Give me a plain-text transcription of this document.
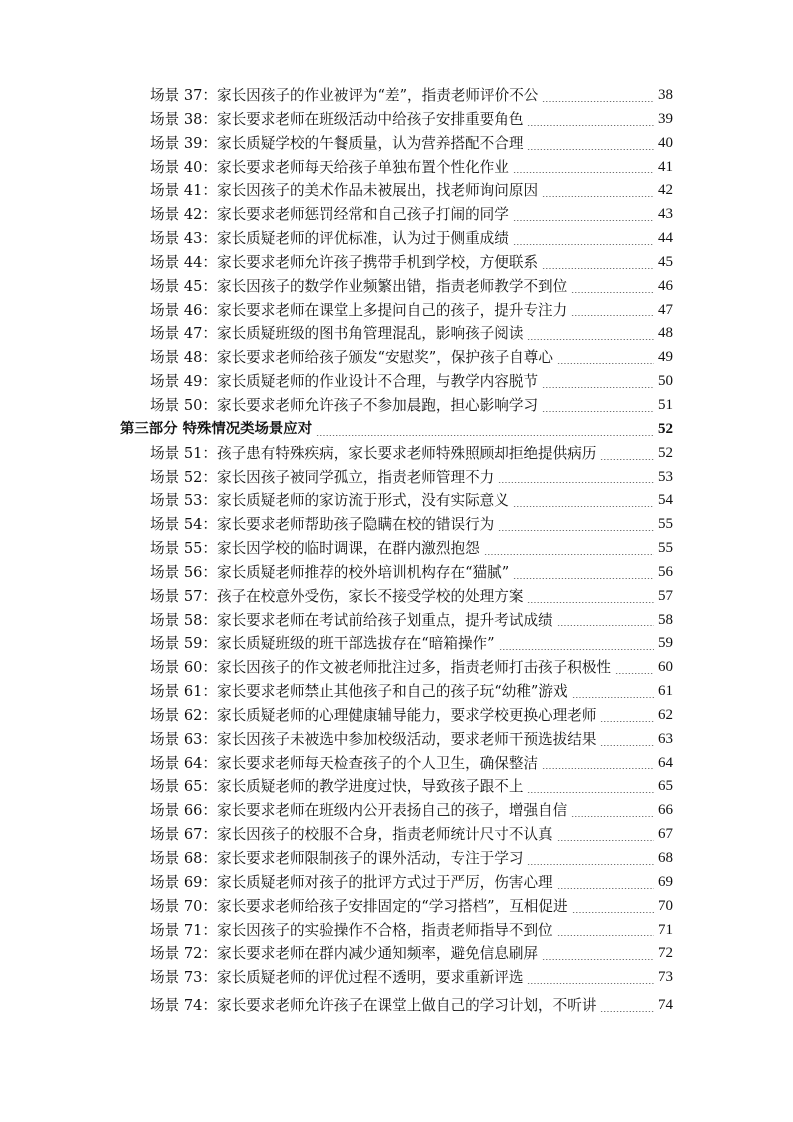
场景 37：家长因孩子的作业被评为“差”，指责老师评价不公	38
场景 38：家长要求老师在班级活动中给孩子安排重要角色	39
场景 39：家长质疑学校的午餐质量，认为营养搭配不合理	40
场景 40：家长要求老师每天给孩子单独布置个性化作业	41
场景 41：家长因孩子的美术作品未被展出，找老师询问原因	42
场景 42：家长要求老师惩罚经常和自己孩子打闹的同学	43
场景 43：家长质疑老师的评优标准，认为过于侧重成绩	44
场景 44：家长要求老师允许孩子携带手机到学校，方便联系	45
场景 45：家长因孩子的数学作业频繁出错，指责老师教学不到位	46
场景 46：家长要求老师在课堂上多提问自己的孩子，提升专注力	47
场景 47：家长质疑班级的图书角管理混乱，影响孩子阅读	48
场景 48：家长要求老师给孩子颁发“安慰奖”，保护孩子自尊心	49
场景 49：家长质疑老师的作业设计不合理，与教学内容脱节	50
场景 50：家长要求老师允许孩子不参加晨跑，担心影响学习	51
第三部分 特殊情况类场景应对	52
场景 51：孩子患有特殊疾病，家长要求老师特殊照顾却拒绝提供病历	52
场景 52：家长因孩子被同学孤立，指责老师管理不力	53
场景 53：家长质疑老师的家访流于形式，没有实际意义	54
场景 54：家长要求老师帮助孩子隐瞒在校的错误行为	55
场景 55：家长因学校的临时调课，在群内激烈抱怨	55
场景 56：家长质疑老师推荐的校外培训机构存在“猫腻”	56
场景 57：孩子在校意外受伤，家长不接受学校的处理方案	57
场景 58：家长要求老师在考试前给孩子划重点，提升考试成绩	58
场景 59：家长质疑班级的班干部选拔存在“暗箱操作”	59
场景 60：家长因孩子的作文被老师批注过多，指责老师打击孩子积极性	60
场景 61：家长要求老师禁止其他孩子和自己的孩子玩“幼稚”游戏	61
场景 62：家长质疑老师的心理健康辅导能力，要求学校更换心理老师	62
场景 63：家长因孩子未被选中参加校级活动，要求老师干预选拔结果	63
场景 64：家长要求老师每天检查孩子的个人卫生，确保整洁	64
场景 65：家长质疑老师的教学进度过快，导致孩子跟不上	65
场景 66：家长要求老师在班级内公开表扬自己的孩子，增强自信	66
场景 67：家长因孩子的校服不合身，指责老师统计尺寸不认真	67
场景 68：家长要求老师限制孩子的课外活动，专注于学习	68
场景 69：家长质疑老师对孩子的批评方式过于严厉，伤害心理	69
场景 70：家长要求老师给孩子安排固定的“学习搭档”，互相促进	70
场景 71：家长因孩子的实验操作不合格，指责老师指导不到位	71
场景 72：家长要求老师在群内减少通知频率，避免信息刷屏	72
场景 73：家长质疑老师的评优过程不透明，要求重新评选	73
场景 74：家长要求老师允许孩子在课堂上做自己的学习计划，不听讲	74
